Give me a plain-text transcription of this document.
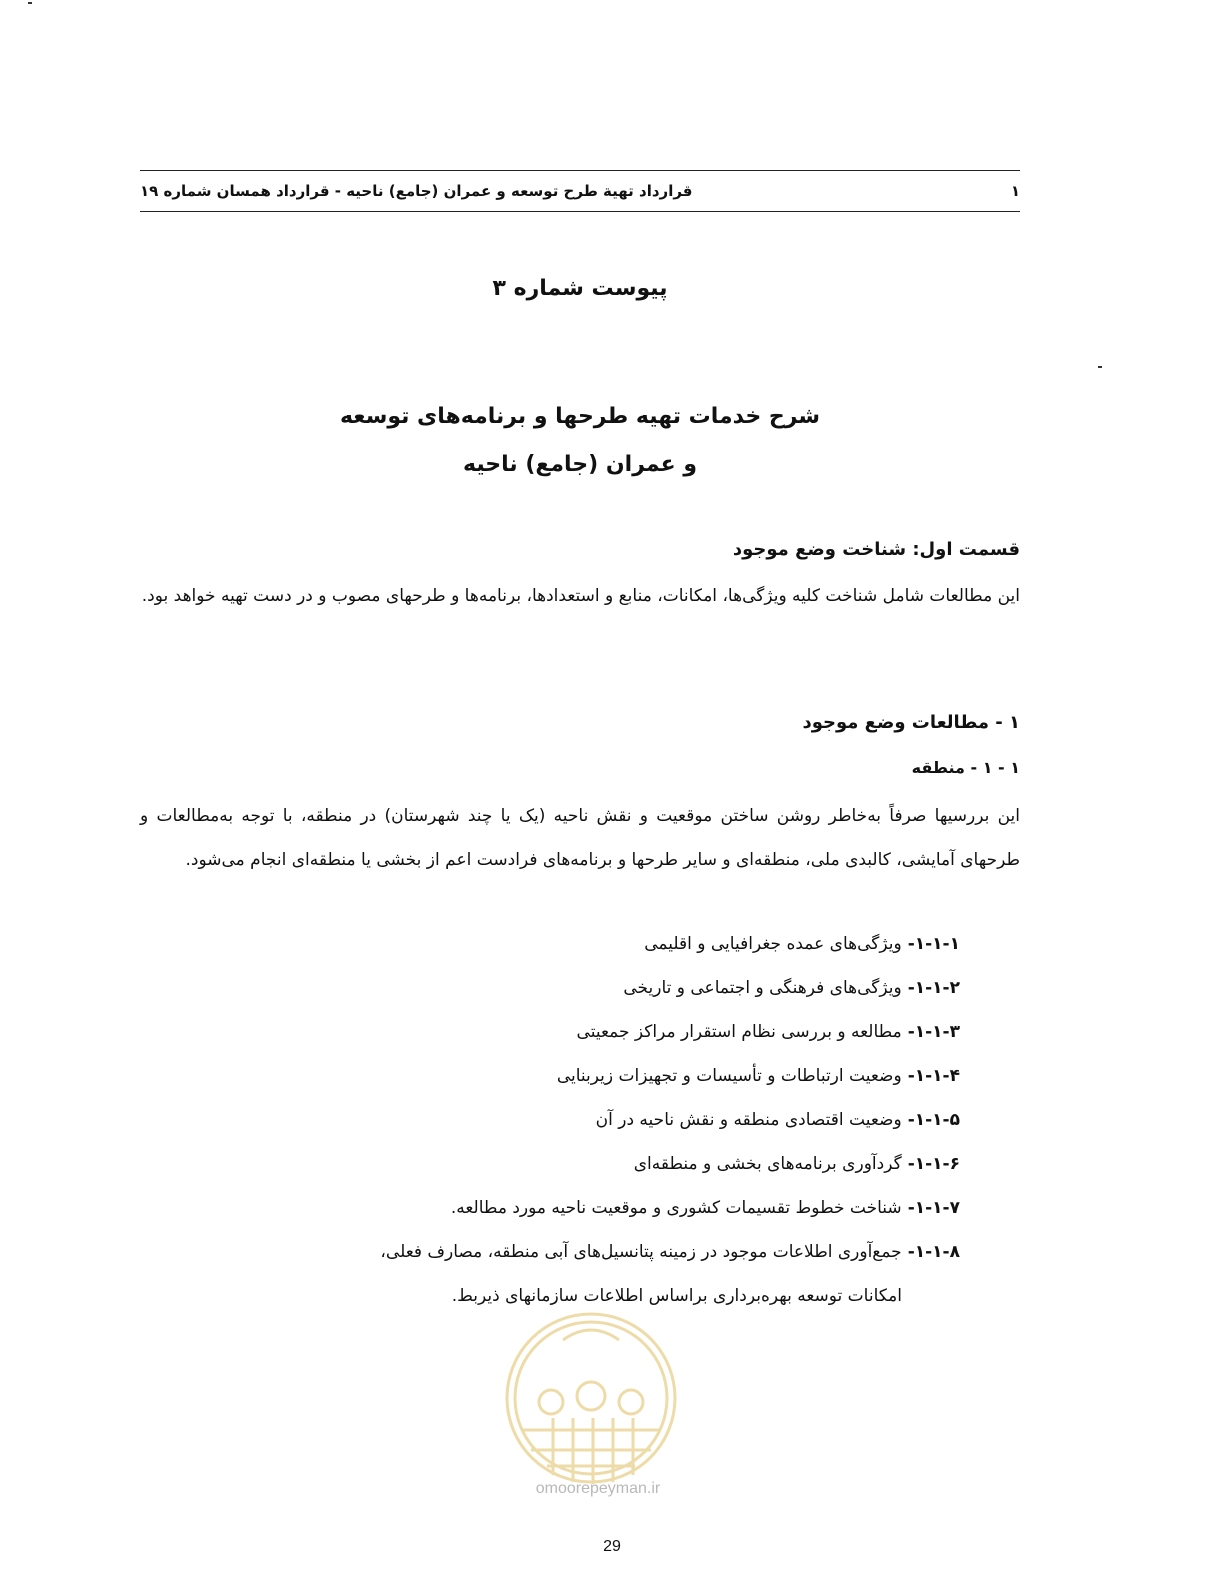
۱
قرارداد تهیة طرح توسعه و عمران (جامع) ناحیه - قرارداد همسان شماره ۱۹
پیوست شماره ۳
شرح خدمات تهیه طرحها و برنامه‌های توسعه
و عمران (جامع) ناحیه
قسمت اول: شناخت وضع موجود
این مطالعات شامل شناخت کلیه ویژگی‌ها، امکانات، منابع و استعدادها، برنامه‌ها و طرحهای مصوب و در دست تهیه خواهد بود.
۱ - مطالعات وضع موجود
۱ - ۱ - منطقه
این بررسیها صرفاً به‌خاطر روشن ساختن موقعیت و نقش ناحیه (یک یا چند شهرستان) در منطقه، با توجه به‌مطالعات و طرحهای آمایشی، کالبدی ملی، منطقه‌ای و سایر طرحها و برنامه‌های فرادست اعم از بخشی یا منطقه‌ای انجام می‌شود.
۱-۱-۱-ویژگی‌های عمده جغرافیایی و اقلیمی
۱-۱-۲-ویژگی‌های فرهنگی و اجتماعی و تاریخی
۱-۱-۳-مطالعه و بررسی نظام استقرار مراکز جمعیتی
۱-۱-۴-وضعیت ارتباطات و تأسیسات و تجهیزات زیربنایی
۱-۱-۵-وضعیت اقتصادی منطقه و نقش ناحیه در آن
۱-۱-۶-گردآوری برنامه‌های بخشی و منطقه‌ای
۱-۱-۷-شناخت خطوط تقسیمات کشوری و موقعیت ناحیه مورد مطالعه.
۱-۱-۸-جمع‌آوری اطلاعات موجود در زمینه پتانسیل‌های آبی منطقه، مصارف فعلی،
امکانات توسعه بهره‌برداری براساس اطلاعات سازمانهای ذیربط.
omoorepeyman.ir
29
